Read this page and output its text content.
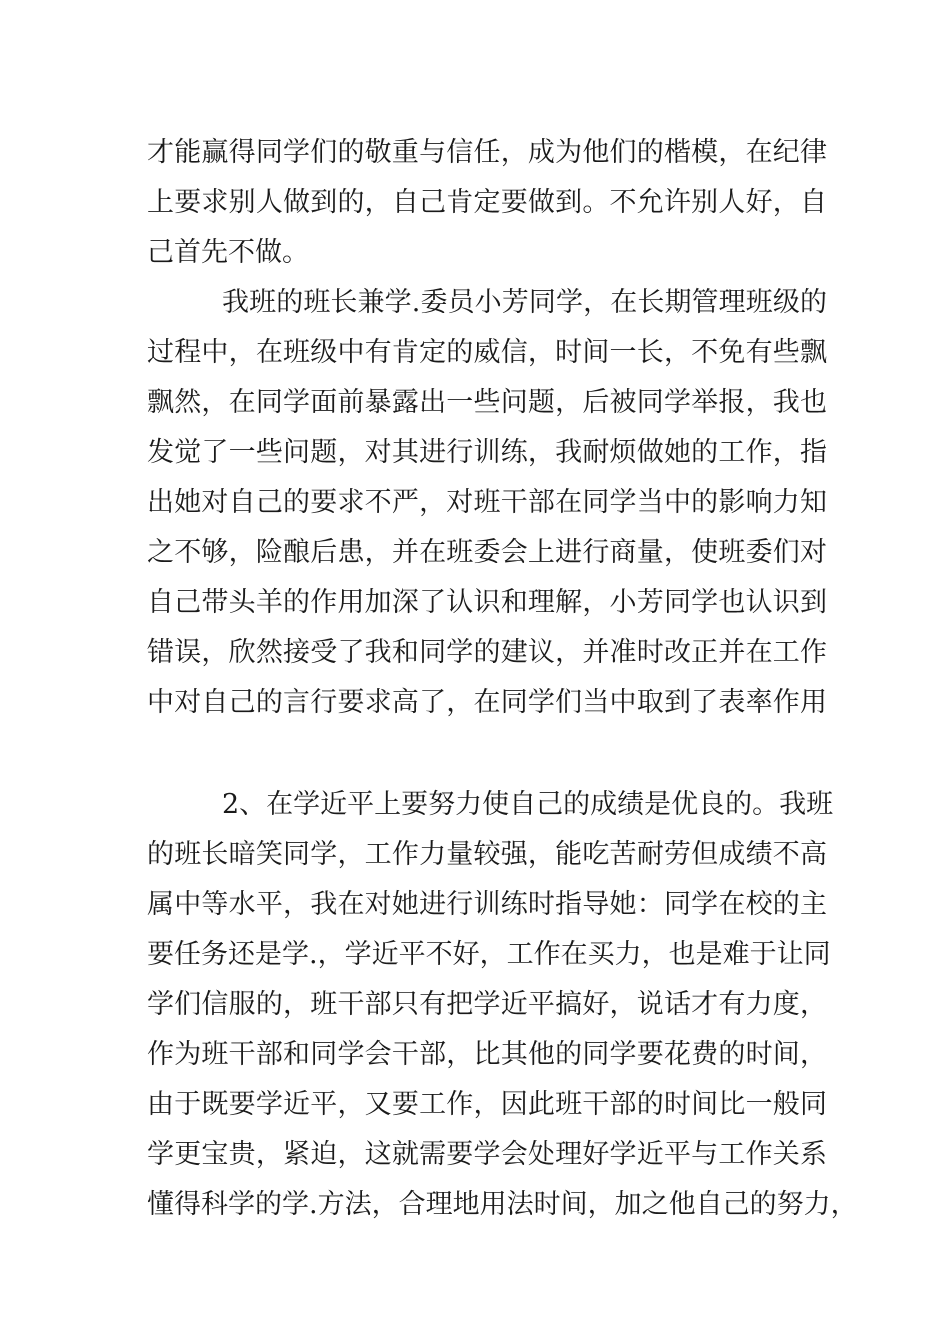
才能赢得同学们的敬重与信任，成为他们的楷模，在纪律
上要求别人做到的，自己肯定要做到。不允许别人好，自
己首先不做。
我班的班长兼学.委员小芳同学，在长期管理班级的
过程中，在班级中有肯定的威信，时间一长，不免有些飘
飘然，在同学面前暴露出一些问题，后被同学举报，我也
发觉了一些问题，对其进行训练，我耐烦做她的工作，指
出她对自己的要求不严，对班干部在同学当中的影响力知
之不够，险酿后患，并在班委会上进行商量，使班委们对
自己带头羊的作用加深了认识和理解，小芳同学也认识到
错误，欣然接受了我和同学的建议，并准时改正并在工作
中对自己的言行要求高了，在同学们当中取到了表率作用
2、在学近平上要努力使自己的成绩是优良的。我班
的班长暗笑同学，工作力量较强，能吃苦耐劳但成绩不高
属中等水平，我在对她进行训练时指导她：同学在校的主
要任务还是学.，学近平不好，工作在买力，也是难于让同
学们信服的，班干部只有把学近平搞好，说话才有力度，
作为班干部和同学会干部，比其他的同学要花费的时间，
由于既要学近平，又要工作，因此班干部的时间比一般同
学更宝贵，紧迫，这就需要学会处理好学近平与工作关系
懂得科学的学.方法，合理地用法时间，加之他自己的努力，
